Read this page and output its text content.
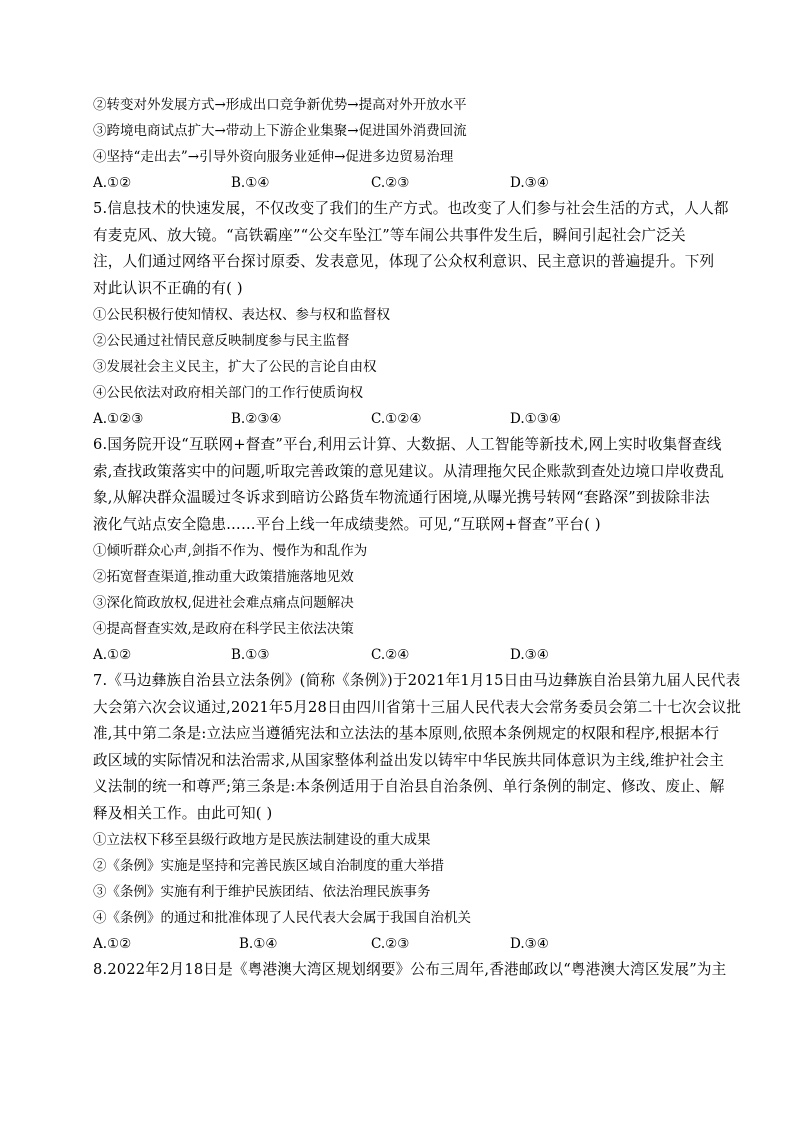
②转变对外发展方式→形成出口竞争新优势→提高对外开放水平
③跨境电商试点扩大→带动上下游企业集聚→促进国外消费回流
④坚持“走出去”→引导外资向服务业延伸→促进多边贸易治理
A.①②	B.①④	C.②③	D.③④
5.信息技术的快速发展，不仅改变了我们的生产方式。也改变了人们参与社会生活的方式，人人都
有麦克风、放大镜。“高铁霸座”“公交车坠江”等车闹公共事件发生后，瞬间引起社会广泛关
注，人们通过网络平台探讨原委、发表意见，体现了公众权利意识、民主意识的普遍提升。下列
对此认识不正确的有( )
①公民积极行使知情权、表达权、参与权和监督权
②公民通过社情民意反映制度参与民主监督
③发展社会主义民主，扩大了公民的言论自由权
④公民依法对政府相关部门的工作行使质询权
A.①②③	B.②③④	C.①②④	D.①③④
6.国务院开设“互联网+督查”平台,利用云计算、大数据、人工智能等新技术,网上实时收集督查线
索,查找政策落实中的问题,听取完善政策的意见建议。从清理拖欠民企账款到查处边境口岸收费乱
象,从解决群众温暖过冬诉求到暗访公路货车物流通行困境,从曝光携号转网“套路深”到拔除非法
液化气站点安全隐患……平台上线一年成绩斐然。可见,“互联网+督查”平台( )
①倾听群众心声,剑指不作为、慢作为和乱作为
②拓宽督查渠道,推动重大政策措施落地见效
③深化简政放权,促进社会难点痛点问题解决
④提高督查实效,是政府在科学民主依法决策
A.①②	B.①③	C.②④	D.③④
7.《马边彝族自治县立法条例》(简称《条例》)于2021年1月15日由马边彝族自治县第九届人民代表
大会第六次会议通过,2021年5月28日由四川省第十三届人民代表大会常务委员会第二十七次会议批
准,其中第二条是:立法应当遵循宪法和立法法的基本原则,依照本条例规定的权限和程序,根据本行
政区域的实际情况和法治需求,从国家整体利益出发以铸牢中华民族共同体意识为主线,维护社会主
义法制的统一和尊严;第三条是:本条例适用于自治县自治条例、单行条例的制定、修改、废止、解
释及相关工作。由此可知( )
①立法权下移至县级行政地方是民族法制建设的重大成果
②《条例》实施是坚持和完善民族区域自治制度的重大举措
③《条例》实施有利于维护民族团结、依法治理民族事务
④《条例》的通过和批准体现了人民代表大会属于我国自治机关
A.①②	B.①④	C.②③	D.③④
8.2022年2月18日是《粤港澳大湾区规划纲要》公布三周年,香港邮政以“粤港澳大湾区发展”为主
